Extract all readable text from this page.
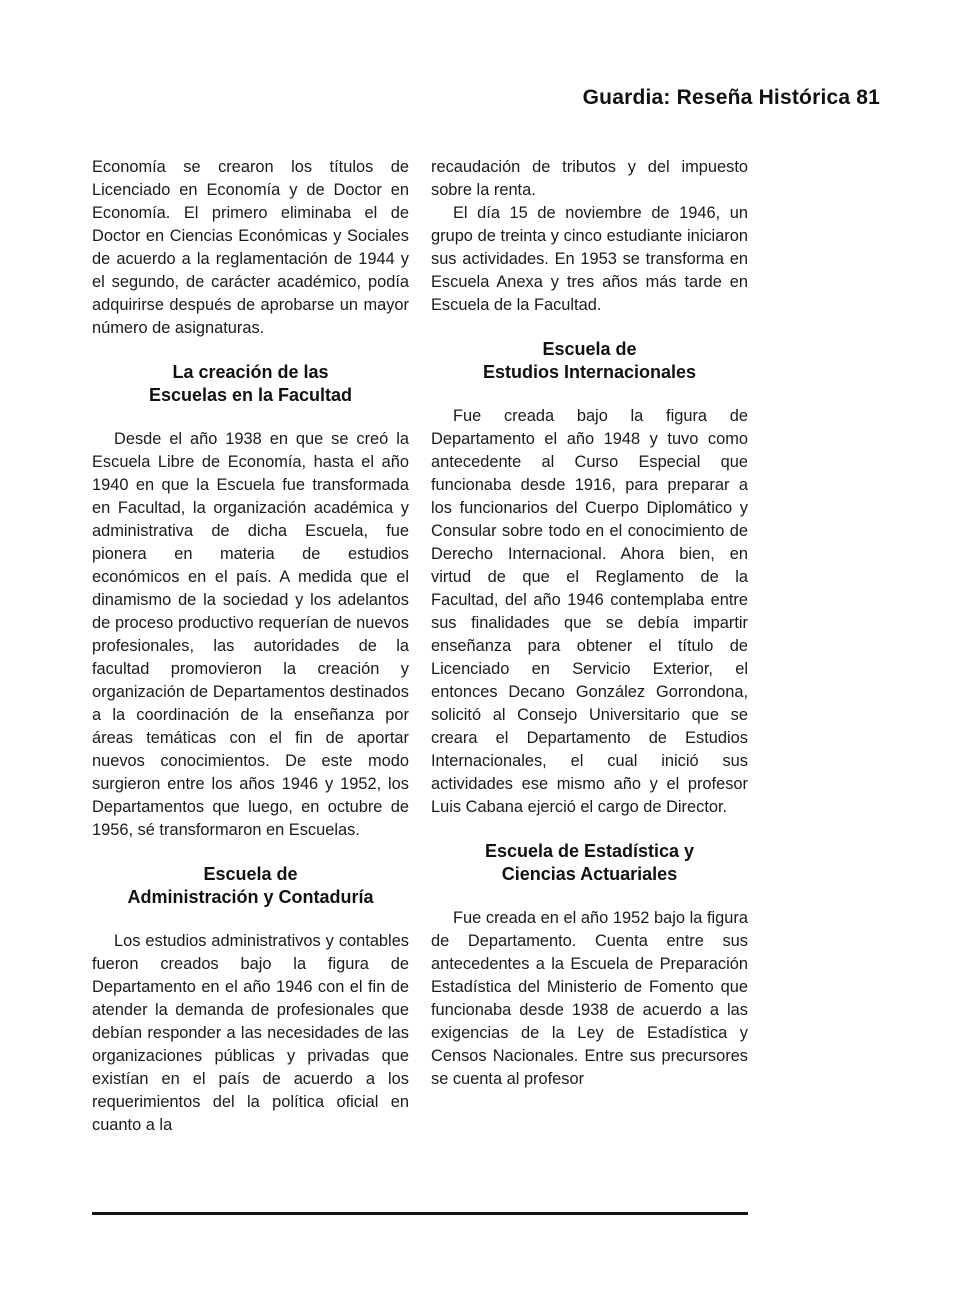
Guardia: Reseña Histórica 81

Economía se crearon los títulos de Licenciado en Economía y de Doctor en Economía. El primero eliminaba el de Doctor en Ciencias Económicas y Sociales de acuerdo a la reglamentación de 1944 y el segundo, de carácter académico, podía adquirirse después de aprobarse un mayor número de asignaturas.

La creación de las
Escuelas en la Facultad

Desde el año 1938 en que se creó la Escuela Libre de Economía, hasta el año 1940 en que la Escuela fue transformada en Facultad, la organización académica y administrativa de dicha Escuela, fue pionera en materia de estudios económicos en el país. A medida que el dinamismo de la sociedad y los adelantos de proceso productivo requerían de nuevos profesionales, las autoridades de la facultad promovieron la creación y organización de Departamentos destinados a la coordinación de la enseñanza por áreas temáticas con el fin de aportar nuevos conocimientos. De este modo surgieron entre los años 1946 y 1952, los Departamentos que luego, en octubre de 1956, sé transformaron en Escuelas.

Escuela de
Administración y Contaduría

Los estudios administrativos y contables fueron creados bajo la figura de Departamento en el año 1946 con el fin de atender la demanda de profesionales que debían responder a las necesidades de las organizaciones públicas y privadas que existían en el país de acuerdo a los requerimientos del la política oficial en cuanto a la

recaudación de tributos y del impuesto sobre la renta.

El día 15 de noviembre de 1946, un grupo de treinta y cinco estudiante iniciaron sus actividades. En 1953 se transforma en Escuela Anexa y tres años más tarde en Escuela de la Facultad.

Escuela de
Estudios Internacionales

Fue creada bajo la figura de Departamento el año 1948 y tuvo como antecedente al Curso Especial que funcionaba desde 1916, para preparar a los funcionarios del Cuerpo Diplomático y Consular sobre todo en el conocimiento de Derecho Internacional. Ahora bien, en virtud de que el Reglamento de la Facultad, del año 1946 contemplaba entre sus finalidades que se debía impartir enseñanza para obtener el título de Licenciado en Servicio Exterior, el entonces Decano González Gorrondona, solicitó al Consejo Universitario que se creara el Departamento de Estudios Internacionales, el cual inició sus actividades ese mismo año y el profesor Luis Cabana ejerció el cargo de Director.

Escuela de Estadística y
Ciencias Actuariales

Fue creada en el año 1952 bajo la figura de Departamento. Cuenta entre sus antecedentes a la Escuela de Preparación Estadística del Ministerio de Fomento que funcionaba desde 1938 de acuerdo a las exigencias de la Ley de Estadística y Censos Nacionales. Entre sus precursores se cuenta al profesor
